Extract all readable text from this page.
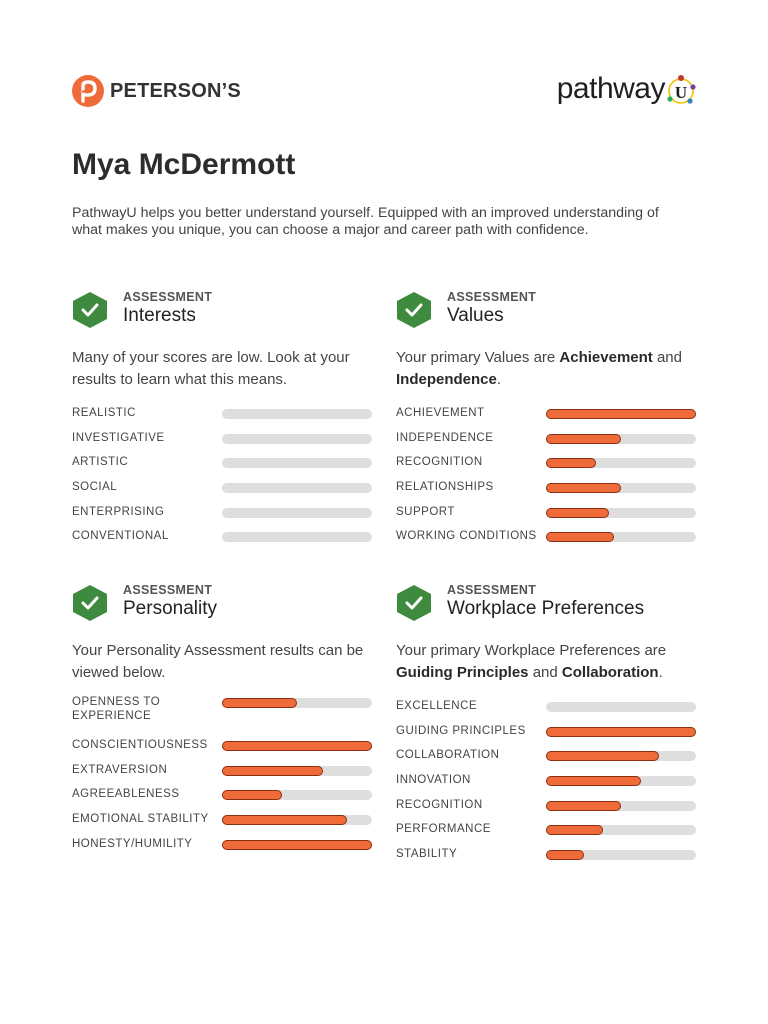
PETERSON’S	pathway U
Mya McDermott
PathwayU helps you better understand yourself. Equipped with an improved understanding of what makes you unique, you can choose a major and career path with confidence.
ASSESSMENT
Interests
Many of your scores are low. Look at your results to learn what this means.
REALISTIC
INVESTIGATIVE
ARTISTIC
SOCIAL
ENTERPRISING
CONVENTIONAL
ASSESSMENT
Values
Your primary Values are Achievement and Independence.
ACHIEVEMENT
INDEPENDENCE
RECOGNITION
RELATIONSHIPS
SUPPORT
WORKING CONDITIONS
ASSESSMENT
Personality
Your Personality Assessment results can be viewed below.
OPENNESS TO EXPERIENCE
CONSCIENTIOUSNESS
EXTRAVERSION
AGREEABLENESS
EMOTIONAL STABILITY
HONESTY/HUMILITY
ASSESSMENT
Workplace Preferences
Your primary Workplace Preferences are Guiding Principles and Collaboration.
EXCELLENCE
GUIDING PRINCIPLES
COLLABORATION
INNOVATION
RECOGNITION
PERFORMANCE
STABILITY
